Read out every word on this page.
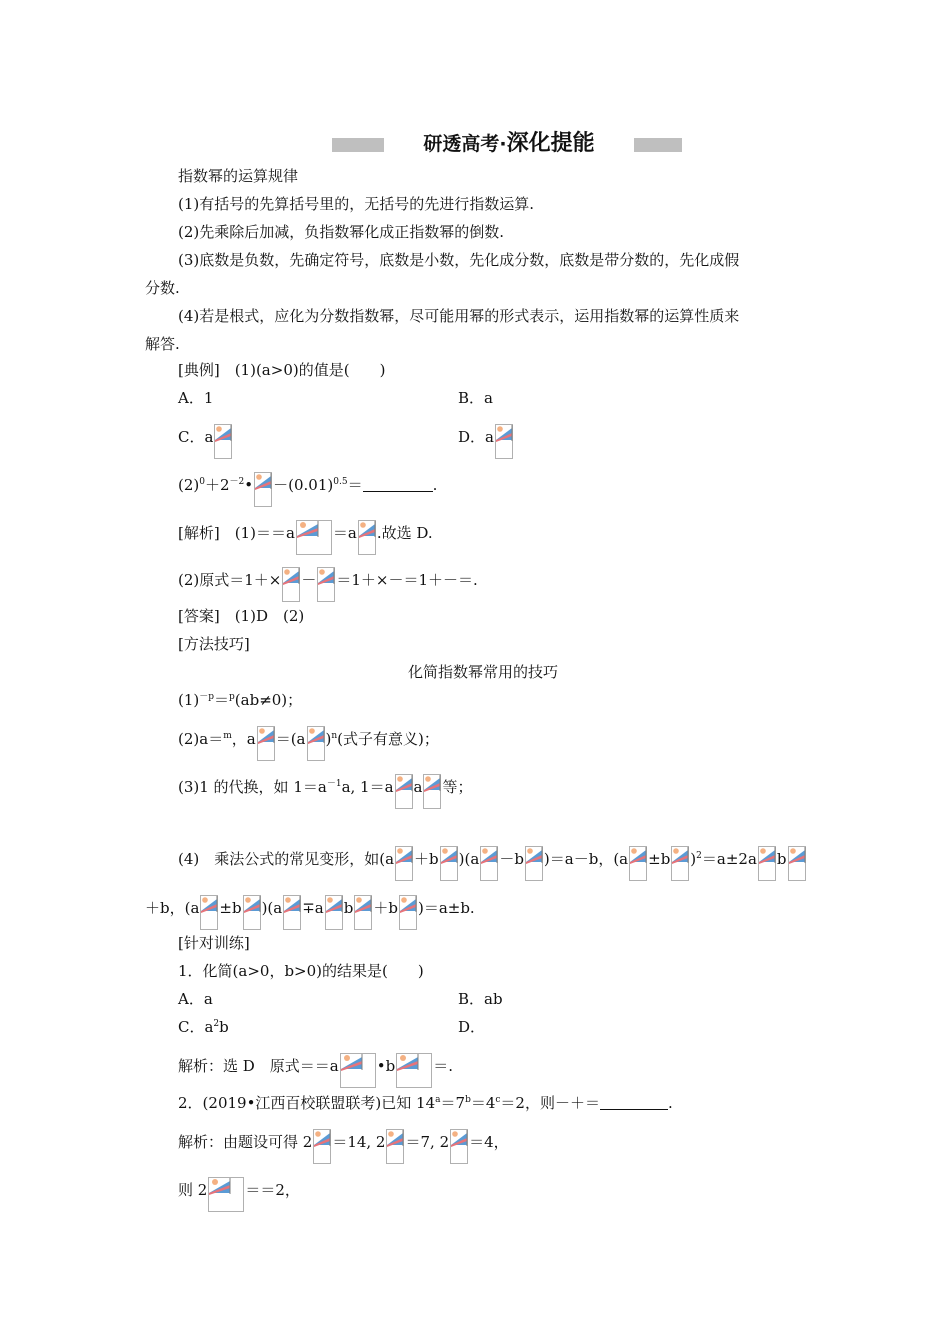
研透高考·深化提能
指数幂的运算规律
(1)有括号的先算括号里的，无括号的先进行指数运算.
(2)先乘除后加减，负指数幂化成正指数幂的倒数.
(3)底数是负数，先确定符号，底数是小数，先化成分数，底数是带分数的，先化成假
分数.
(4)若是根式，应化为分数指数幂，尽可能用幂的形式表示，运用指数幂的运算性质来
解答.
[典例]　(1)(a>0)的值是(　　)
A．1	B．a
C．a	D．a
$(2)^0+2^{-2}• -(0.01)^{0.5}=$	.
[解析]　(1)＝＝a	＝a .故选 D.
(2)原式＝1＋× － ＝1＋×－＝1＋－＝.
[答案]　(1)D　(2)
[方法技巧]
化简指数幂常用的技巧
$(1)^{-p}=^p(ab\ne 0)$；
(2)a＝$^m$，a ＝(a )$^n$(式子有意义)；
(3)1 的代换，如 $1=a^{-1}a$, 1＝a a 等；
(4)　乘法公式的常见变形，如(a ＋b )(a －b )＝a－b，(a ±b )$^2$＝a±2a b
＋b，(a ±b )(a ∓a b ＋b )＝a±b.
[针对训练]
1．化简(a>0，b>0)的结果是(　　)
A．a	B．ab
C．$a^2b$	D．
解析：选 D　原式＝＝a	•b	＝.
2．(2019•江西百校联盟联考)已知 $14^a=7^b=4^c=2$，则－＋＝	.
解析：由题设可得 2 ＝14, 2 ＝7, 2 ＝4，
则 2	＝＝2，
